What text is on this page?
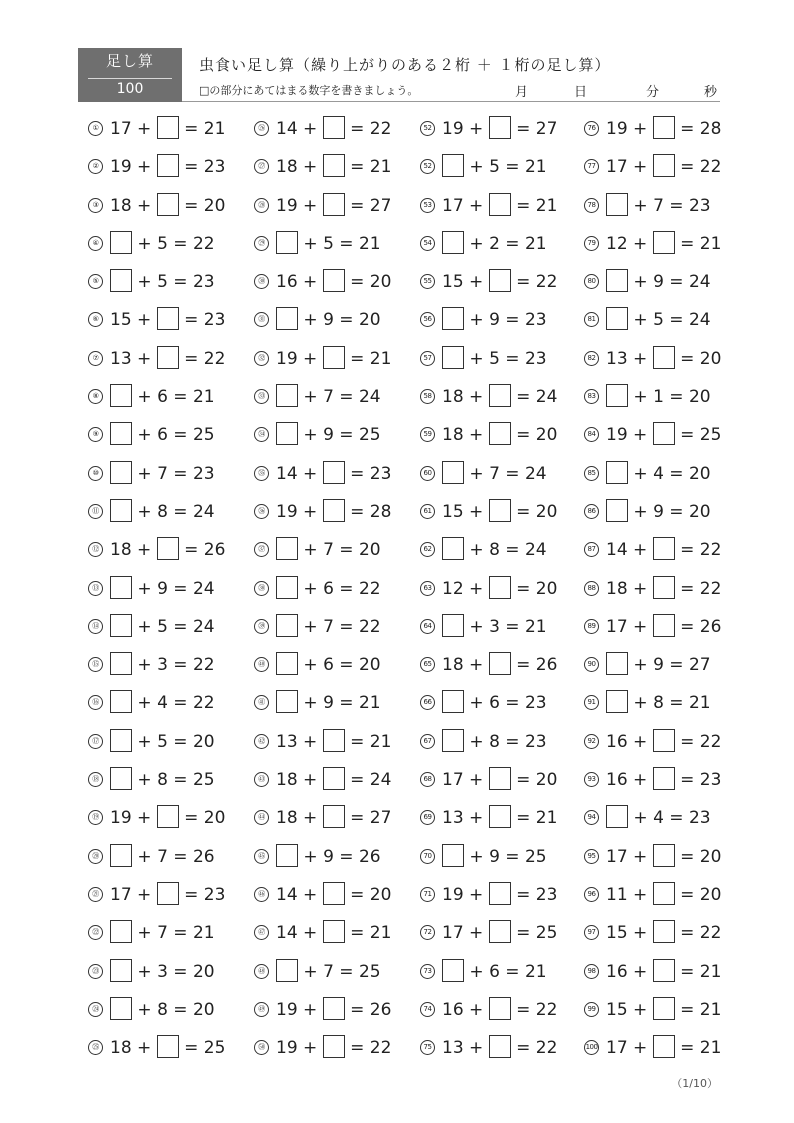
足し算
100
虫食い足し算（繰り上がりのある２桁 ＋ １桁の足し算）
□の部分にあてはまる数字を書きましょう。	月	日	分	秒
① 17 +  = 21
② 19 +  = 23
③ 18 +  = 20
④	+ 5 = 22
⑤	+ 5 = 23
⑥ 15 +  = 23
⑦ 13 +  = 22
⑧	+ 6 = 21
⑨	+ 6 = 25
⑩	+ 7 = 23
⑪	+ 8 = 24
⑫ 18 +  = 26
⑬	+ 9 = 24
⑭	+ 5 = 24
⑮	+ 3 = 22
⑯	+ 4 = 22
⑰	+ 5 = 20
⑱	+ 8 = 25
⑲ 19 +  = 20
⑳	+ 7 = 26
㉑ 17 +  = 23
㉒	+ 7 = 21
㉓	+ 3 = 20
㉔	+ 8 = 20
㉕ 18 +  = 25
㉖ 14 +  = 22
㉗ 18 +  = 21
㉘ 19 +  = 27
㉙	+ 5 = 21
㉚ 16 +  = 20
㉛	+ 9 = 20
㉜ 19 +  = 21
㉝	+ 7 = 24
㉞	+ 9 = 25
㉟ 14 +  = 23
㊱ 19 +  = 28
㊲	+ 7 = 20
㊳	+ 6 = 22
㊴	+ 7 = 22
㊵	+ 6 = 20
㊶	+ 9 = 21
㊷ 13 +  = 21
㊸ 18 +  = 24
㊹ 18 +  = 27
㊺	+ 9 = 26
㊻ 14 +  = 20
㊼ 14 +  = 21
㊽	+ 7 = 25
㊾ 19 +  = 26
㊿ 19 +  = 22
52 19 +  = 27
52	+ 5 = 21
53 17 +  = 21
54	+ 2 = 21
55 15 +  = 22
56	+ 9 = 23
57	+ 5 = 23
58 18 +  = 24
59 18 +  = 20
60	+ 7 = 24
61 15 +  = 20
62	+ 8 = 24
63 12 +  = 20
64	+ 3 = 21
65 18 +  = 26
66	+ 6 = 23
67	+ 8 = 23
68 17 +  = 20
69 13 +  = 21
70	+ 9 = 25
71 19 +  = 23
72 17 +  = 25
73	+ 6 = 21
74 16 +  = 22
75 13 +  = 22
76 19 +  = 28
77 17 +  = 22
78	+ 7 = 23
79 12 +  = 21
80	+ 9 = 24
81	+ 5 = 24
82 13 +  = 20
83	+ 1 = 20
84 19 +  = 25
85	+ 4 = 20
86	+ 9 = 20
87 14 +  = 22
88 18 +  = 22
89 17 +  = 26
90	+ 9 = 27
91	+ 8 = 21
92 16 +  = 22
93 16 +  = 23
94	+ 4 = 23
95 17 +  = 20
96 11 +  = 20
97 15 +  = 22
98 16 +  = 21
99 15 +  = 21
100 17 +  = 21
（1/10）
